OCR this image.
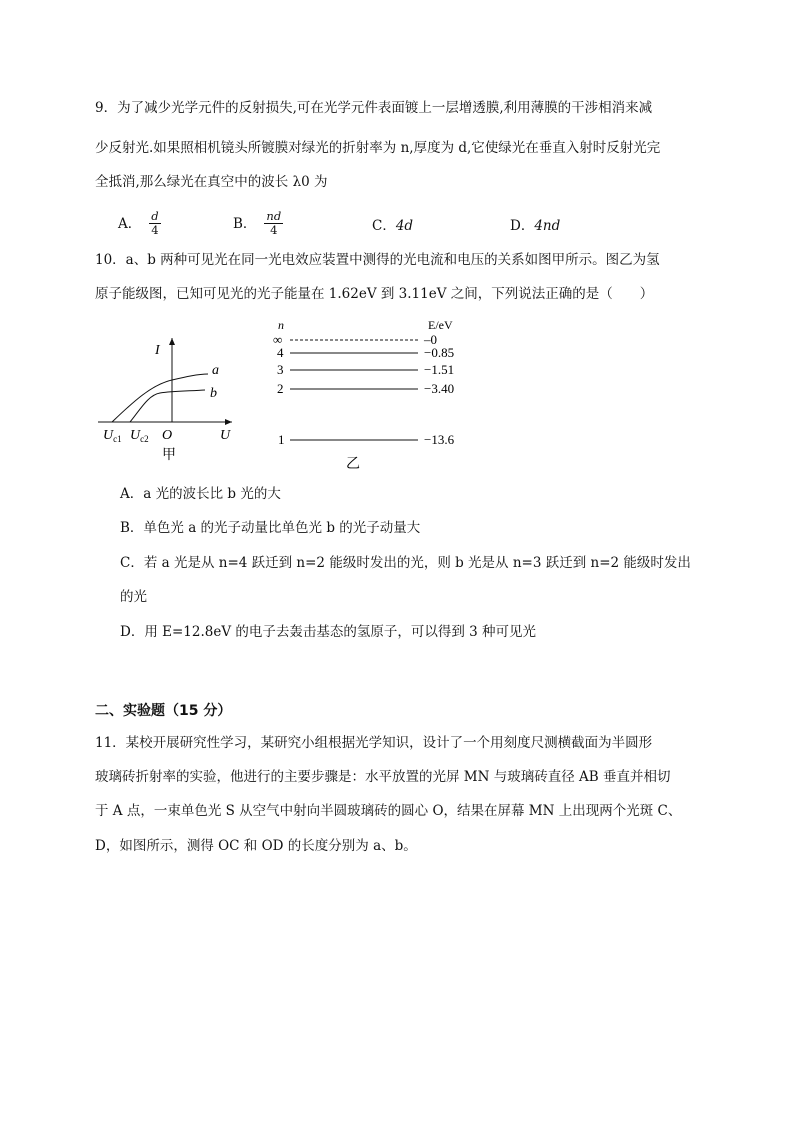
9．为了减少光学元件的反射损失,可在光学元件表面镀上一层增透膜,利用薄膜的干涉相消来减
少反射光.如果照相机镜头所镀膜对绿光的折射率为 n,厚度为 d,它使绿光在垂直入射时反射光完
全抵消,那么绿光在真空中的波长 λ0 为
A． $\frac{d}{4}$	B． $\frac{nd}{4}$	C． 4d	D． 4nd
10．a、b 两种可见光在同一光电效应装置中测得的光电流和电压的关系如图甲所示。图乙为氢
原子能级图，已知可见光的光子能量在 1.62eV 到 3.11eV 之间，下列说法正确的是（　　）
I
a
b
$U_{c1}$ $U_{c2}$ O	U
甲
n	E/eV
∞	–0
4	−0.85
3	−1.51
2	−3.40
1	−13.6
乙
A．a 光的波长比 b 光的大
B．单色光 a 的光子动量比单色光 b 的光子动量大
C．若 a 光是从 n=4 跃迁到 n=2 能级时发出的光，则 b 光是从 n=3 跃迁到 n=2 能级时发出
的光
D．用 E=12.8eV 的电子去轰击基态的氢原子，可以得到 3 种可见光
二、实验题（15 分）
11．某校开展研究性学习，某研究小组根据光学知识，设计了一个用刻度尺测横截面为半圆形
玻璃砖折射率的实验，他进行的主要步骤是：水平放置的光屏 MN 与玻璃砖直径 AB 垂直并相切
于 A 点，一束单色光 S 从空气中射向半圆玻璃砖的圆心 O，结果在屏幕 MN 上出现两个光斑 C、
D，如图所示，测得 OC 和 OD 的长度分别为 a、b。
